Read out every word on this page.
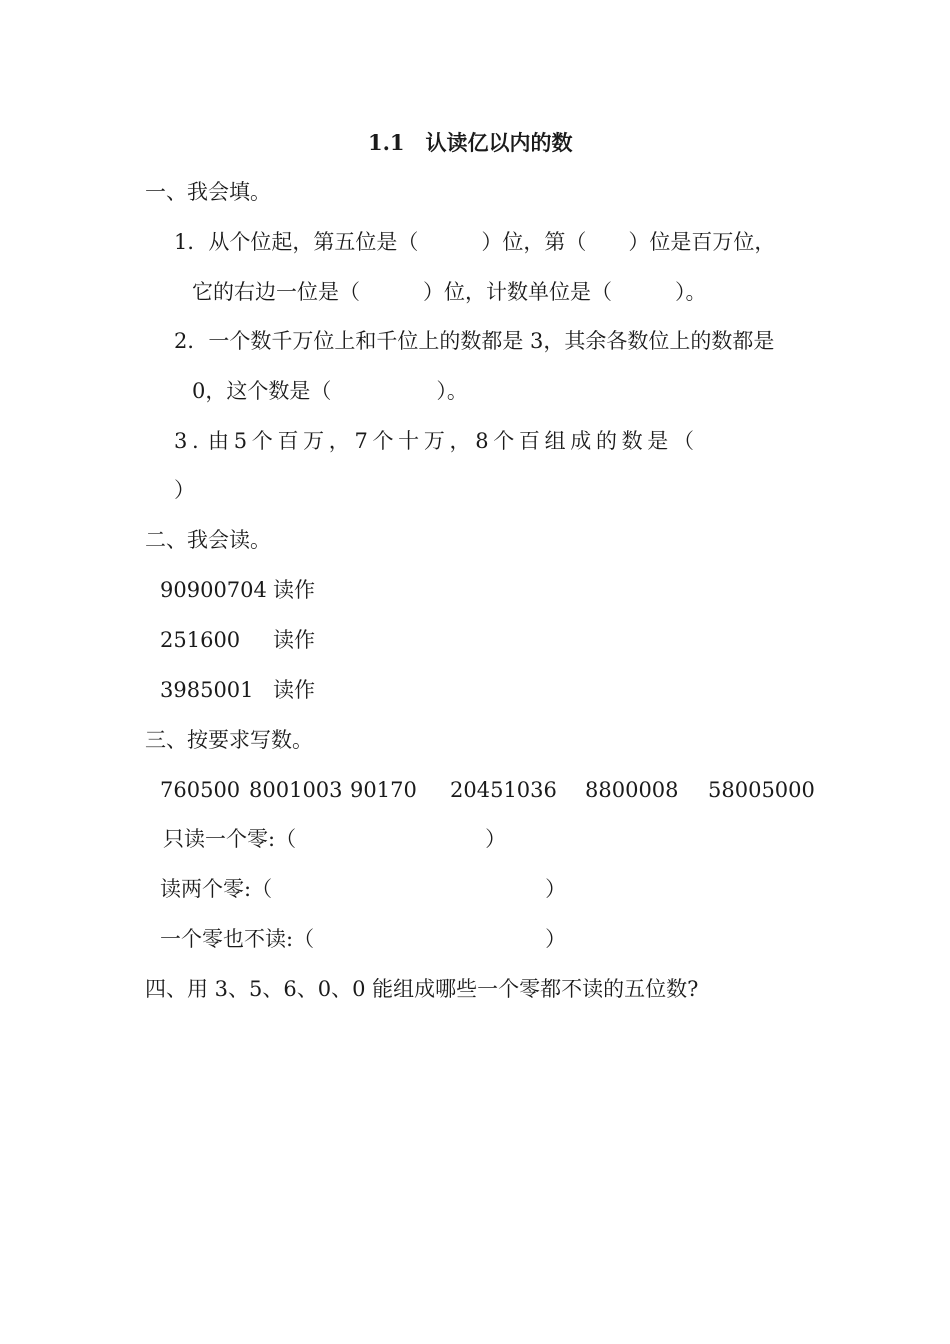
1.1　认读亿以内的数
一、我会填。
1．从个位起，第五位是（　　　）位，第（　　）位是百万位，
它的右边一位是（　　　）位，计数单位是（　　　）。
2．一个数千万位上和千位上的数都是 3，其余各数位上的数都是
0，这个数是（　　　　　）。
3 .  由 5 个 百 万 ， 7 个 十 万 ， 8 个 百 组 成 的 数 是 （
）
二、我会读。
90900704 读作
251600 读作
3985001 读作
三、按要求写数。
760500 8001003 90170 20451036 8800008 58005000
只读一个零:（　　　　　　　　　）
读两个零:（　　　　　　　　　　　　　）
一个零也不读:（　　　　　　　　　　　）
四、用 3、5、6、0、0 能组成哪些一个零都不读的五位数?
